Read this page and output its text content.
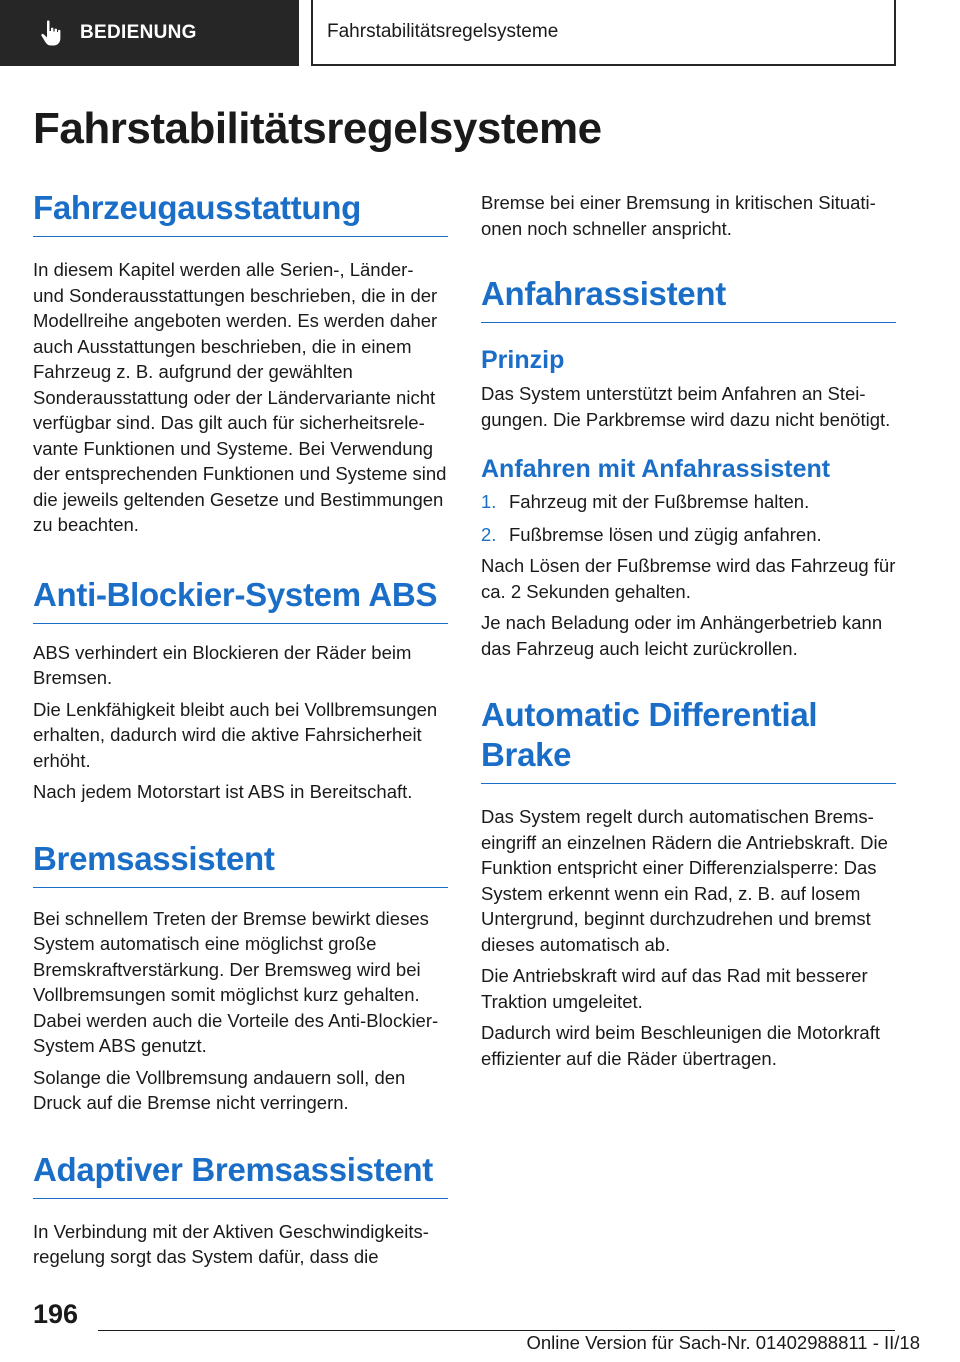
BEDIENUNG	Fahrstabilitätsregelsysteme
Fahrstabilitätsregelsysteme
Fahrzeugausstattung

In diesem Kapitel werden alle Serien-, Länder- und Sonderausstattungen beschrieben, die in der Modellreihe angeboten werden. Es werden daher auch Ausstattungen beschrieben, die in einem Fahrzeug z. B. aufgrund der gewählten Sonderausstattung oder der Ländervariante nicht verfügbar sind. Das gilt auch für sicherheitsrelevante Funktionen und Systeme. Bei Verwendung der entsprechenden Funktionen und Systeme sind die jeweils geltenden Gesetze und Bestimmungen zu beachten.

Anti-Blockier-System ABS

ABS verhindert ein Blockieren der Räder beim Bremsen.

Die Lenkfähigkeit bleibt auch bei Vollbremsungen erhalten, dadurch wird die aktive Fahrsicherheit erhöht.

Nach jedem Motorstart ist ABS in Bereitschaft.

Bremsassistent

Bei schnellem Treten der Bremse bewirkt dieses System automatisch eine möglichst große Bremskraftverstärkung. Der Bremsweg wird bei Vollbremsungen somit möglichst kurz gehalten. Dabei werden auch die Vorteile des Anti-Blockier-System ABS genutzt.

Solange die Vollbremsung andauern soll, den Druck auf die Bremse nicht verringern.

Adaptiver Bremsassistent

In Verbindung mit der Aktiven Geschwindigkeitsregelung sorgt das System dafür, dass die

Bremse bei einer Bremsung in kritischen Situationen noch schneller anspricht.

Anfahrassistent
Prinzip

Das System unterstützt beim Anfahren an Steigungen. Die Parkbremse wird dazu nicht benötigt.

Anfahren mit Anfahrassistent
1. Fahrzeug mit der Fußbremse halten.
2. Fußbremse lösen und zügig anfahren.

Nach Lösen der Fußbremse wird das Fahrzeug für ca. 2 Sekunden gehalten.

Je nach Beladung oder im Anhängerbetrieb kann das Fahrzeug auch leicht zurückrollen.

Automatic Differential Brake

Das System regelt durch automatischen Bremseingriff an einzelnen Rädern die Antriebskraft. Die Funktion entspricht einer Differenzialsperre: Das System erkennt wenn ein Rad, z. B. auf losem Untergrund, beginnt durchzudrehen und bremst dieses automatisch ab.

Die Antriebskraft wird auf das Rad mit besserer Traktion umgeleitet.

Dadurch wird beim Beschleunigen die Motorkraft effizienter auf die Räder übertragen.

196
Online Version für Sach-Nr. 01402988811 - II/18
